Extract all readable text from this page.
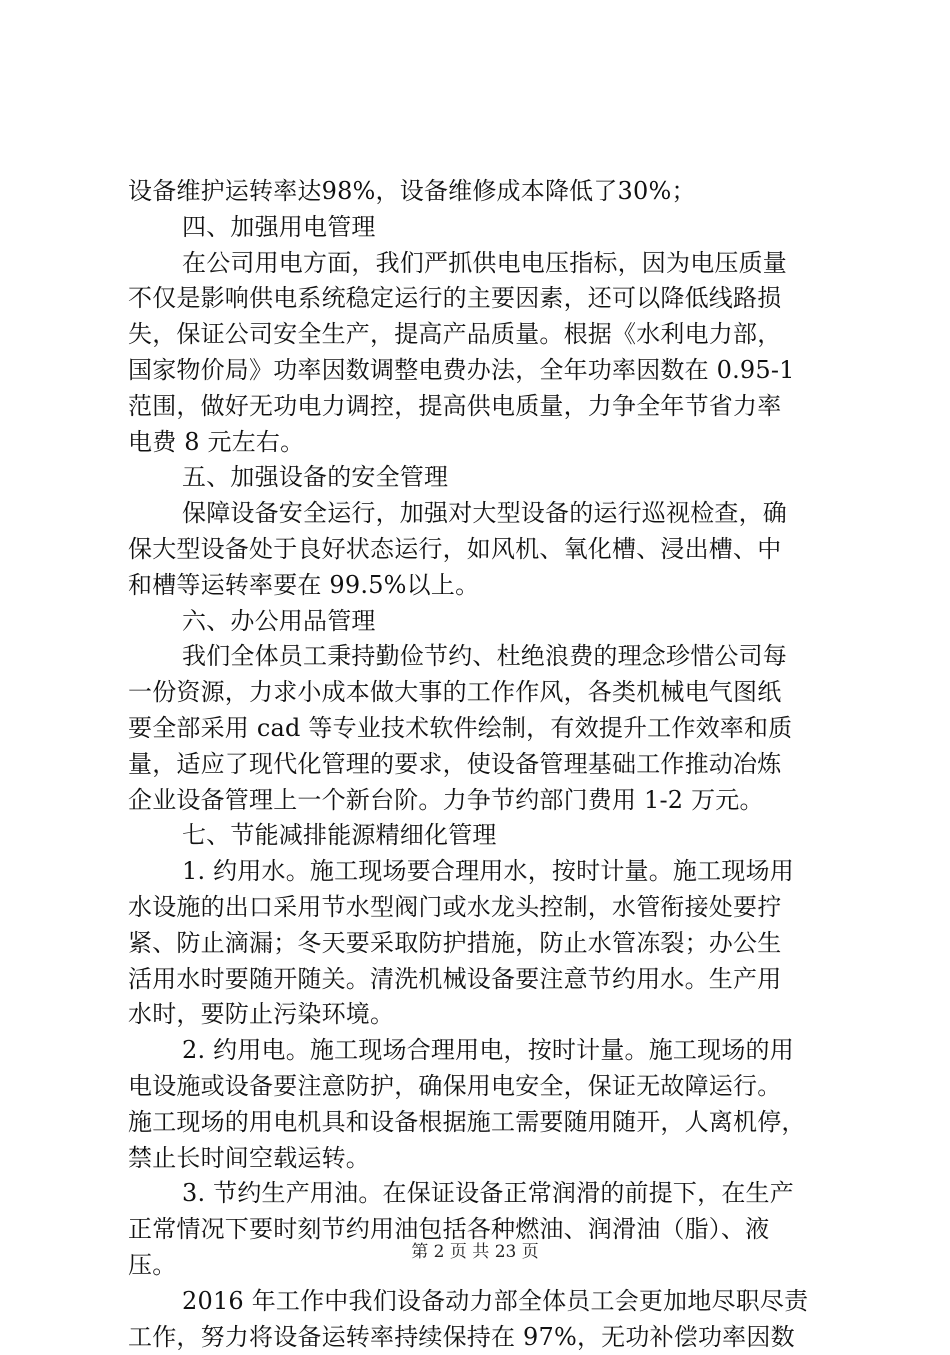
设备维护运转率达98%，设备维修成本降低了30%；
四、加强用电管理
在公司用电方面，我们严抓供电电压指标，因为电压质量
不仅是影响供电系统稳定运行的主要因素，还可以降低线路损
失，保证公司安全生产，提高产品质量。根据《水利电力部，
国家物价局》功率因数调整电费办法，全年功率因数在 0.95-1
范围，做好无功电力调控，提高供电质量，力争全年节省力率
电费 8 元左右。
五、加强设备的安全管理
保障设备安全运行，加强对大型设备的运行巡视检查，确
保大型设备处于良好状态运行，如风机、氧化槽、浸出槽、中
和槽等运转率要在 99.5%以上。
六、办公用品管理
我们全体员工秉持勤俭节约、杜绝浪费的理念珍惜公司每
一份资源，力求小成本做大事的工作作风，各类机械电气图纸
要全部采用 cad 等专业技术软件绘制，有效提升工作效率和质
量，适应了现代化管理的要求，使设备管理基础工作推动冶炼
企业设备管理上一个新台阶。力争节约部门费用 1-2 万元。
七、节能减排能源精细化管理
1. 约用水。施工现场要合理用水，按时计量。施工现场用
水设施的出口采用节水型阀门或水龙头控制，水管衔接处要拧
紧、防止滴漏；冬天要采取防护措施，防止水管冻裂；办公生
活用水时要随开随关。清洗机械设备要注意节约用水。生产用
水时，要防止污染环境。
2. 约用电。施工现场合理用电，按时计量。施工现场的用
电设施或设备要注意防护，确保用电安全，保证无故障运行。
施工现场的用电机具和设备根据施工需要随用随开，人离机停，
禁止长时间空载运转。
3. 节约生产用油。在保证设备正常润滑的前提下，在生产
正常情况下要时刻节约用油包括各种燃油、润滑油（脂）、液
压。
2016 年工作中我们设备动力部全体员工会更加地尽职尽责
工作，努力将设备运转率持续保持在 97%，无功补偿功率因数
第 2 页 共 23 页
